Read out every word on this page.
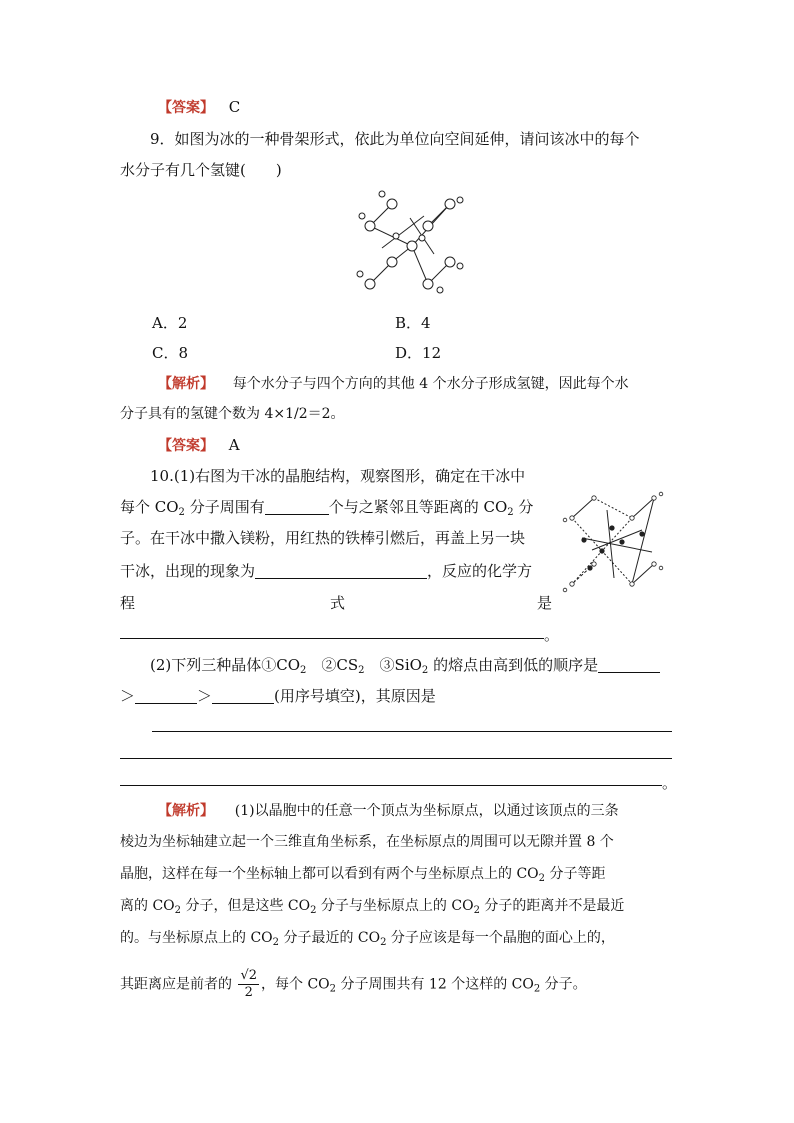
【答案】 C
9．如图为冰的一种骨架形式，依此为单位向空间延伸，请问该冰中的每个
水分子有几个氢键(　　)
A．2	B．4
C．8	D．12
【解析】 每个水分子与四个方向的其他 4 个水分子形成氢键，因此每个水
分子具有的氢键个数为 4×1/2＝2。
【答案】 A
10.(1)右图为干冰的晶胞结构，观察图形，确定在干冰中
每个 $CO_2$ 分子周围有	个与之紧邻且等距离的 $CO_2$ 分
子。在干冰中撒入镁粉，用红热的铁棒引燃后，再盖上另一块
干冰，出现的现象为	，反应的化学方
程	式	是
。
(2)下列三种晶体$①CO_2$　$②CS_2$　③SiO$_2$ 的熔点由高到低的顺序是
＞	＞	(用序号填空)，其原因是
。
【解析】 (1)以晶胞中的任意一个顶点为坐标原点，以通过该顶点的三条
棱边为坐标轴建立起一个三维直角坐标系，在坐标原点的周围可以无隙并置 8 个
晶胞，这样在每一个坐标轴上都可以看到有两个与坐标原点上的 $CO_2$ 分子等距
离的 $CO_2$ 分子，但是这些 $CO_2$ 分子与坐标原点上的 $CO_2$ 分子的距离并不是最近
的。与坐标原点上的 $CO_2$ 分子最近的 $CO_2$ 分子应该是每一个晶胞的面心上的，
其距离应是前者的 $\frac{√2}{2}$ ，每个 $CO_2$ 分子周围共有 12 个这样的 $CO_2$ 分子。
